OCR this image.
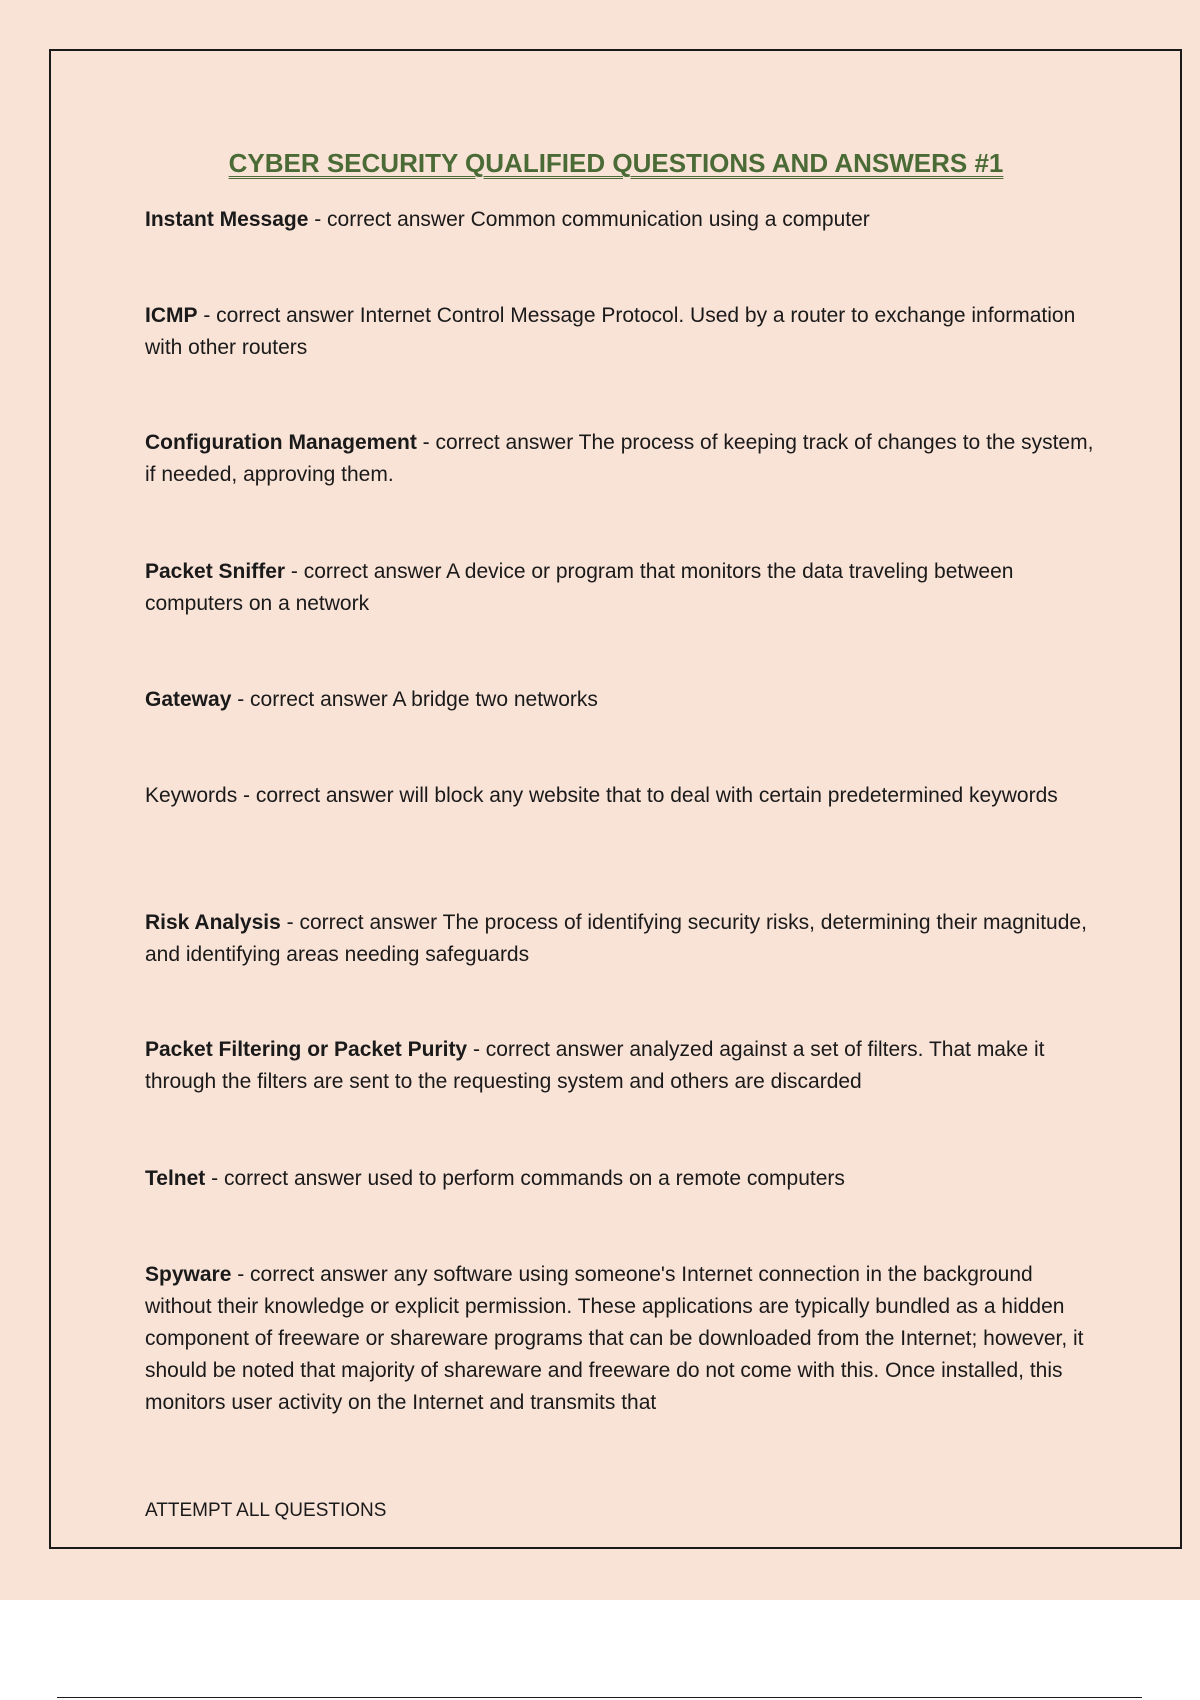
CYBER SECURITY QUALIFIED QUESTIONS AND ANSWERS #1

Instant Message - correct answer Common communication using a computer

ICMP - correct answer Internet Control Message Protocol. Used by a router to exchange information with other routers

Configuration Management - correct answer The process of keeping track of changes to the system, if needed, approving them.

Packet Sniffer - correct answer A device or program that monitors the data traveling between computers on a network

Gateway - correct answer A bridge two networks

Keywords - correct answer will block any website that to deal with certain predetermined keywords

Risk Analysis - correct answer The process of identifying security risks, determining their magnitude, and identifying areas needing safeguards

Packet Filtering or Packet Purity - correct answer analyzed against a set of filters. That make it through the filters are sent to the requesting system and others are discarded

Telnet - correct answer used to perform commands on a remote computers

Spyware - correct answer any software using someone's Internet connection in the background without their knowledge or explicit permission. These applications are typically bundled as a hidden component of freeware or shareware programs that can be downloaded from the Internet; however, it should be noted that majority of shareware and freeware do not come with this. Once installed, this monitors user activity on the Internet and transmits that

ATTEMPT ALL QUESTIONS
